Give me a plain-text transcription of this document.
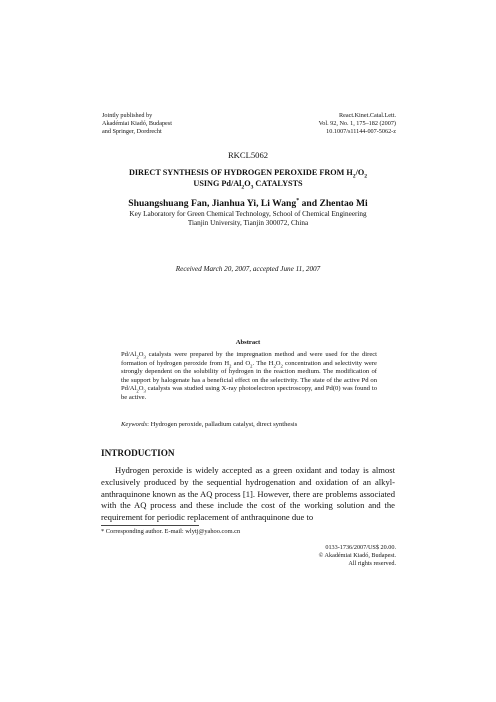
Jointly published by
Akadémiai Kiadó, Budapest
and Springer, Dordrecht
React.Kinet.Catal.Lett.
Vol. 92, No. 1, 175–182 (2007)
10.1007/s11144-007-5062-z
RKCL5062
DIRECT SYNTHESIS OF HYDROGEN PEROXIDE FROM $H_2/O_2$
USING $Pd/Al_2O_3$ CATALYSTS
Shuangshuang Fan, Jianhua Yi, Li Wang* and Zhentao Mi
Key Laboratory for Green Chemical Technology, School of Chemical Engineering
Tianjin University, Tianjin 300072, China
Received March 20, 2007, accepted June 11, 2007
Abstract
$Pd/Al_2O_3$ catalysts were prepared by the impregnation method and were used for the direct formation of hydrogen peroxide from $H_2$ and $O_2$. The $H_2O_2$ concentration and selectivity were strongly dependent on the solubility of hydrogen in the reaction medium. The modification of the support by halogenate has a beneficial effect on the selectivity. The state of the active Pd on $Pd/Al_2O_3$ catalysts was studied using X-ray photoelectron spectroscopy, and Pd(0) was found to be active.
Keywords: Hydrogen peroxide, palladium catalyst, direct synthesis
INTRODUCTION
Hydrogen peroxide is widely accepted as a green oxidant and today is almost exclusively produced by the sequential hydrogenation and oxidation of an alkyl-anthraquinone known as the AQ process [1]. However, there are problems associated with the AQ process and these include the cost of the working solution and the requirement for periodic replacement of anthraquinone due to
* Corresponding author. E-mail: wlytj@yahoo.com.cn
0133-1736/2007/US$ 20.00.
© Akadémiai Kiadó, Budapest.
All rights reserved.
